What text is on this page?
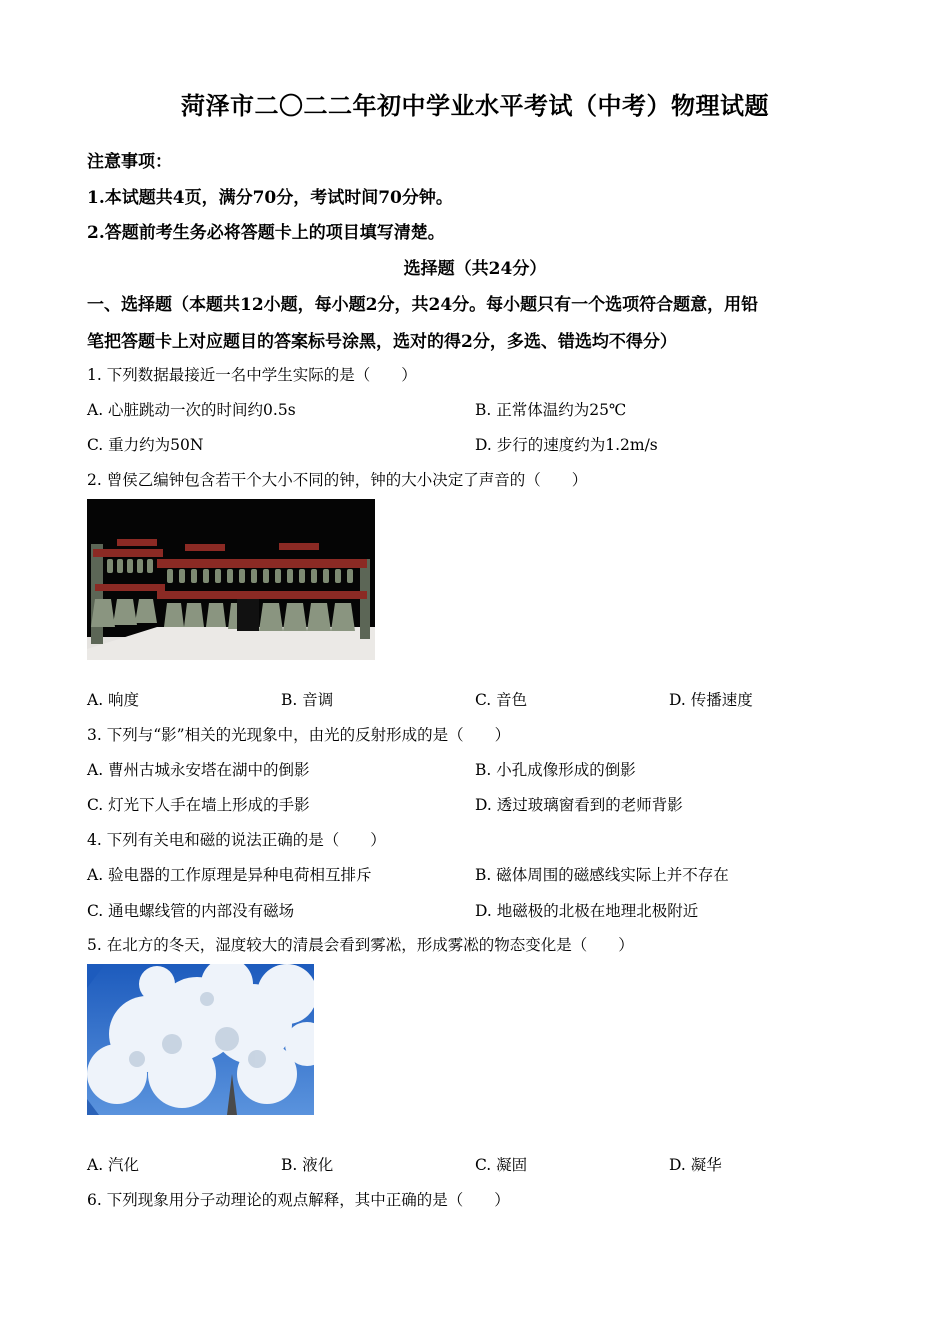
菏泽市二〇二二年初中学业水平考试（中考）物理试题
注意事项：
1.本试题共4页，满分70分，考试时间70分钟。
2.答题前考生务必将答题卡上的项目填写清楚。
选择题（共24分）
一、选择题（本题共12小题，每小题2分，共24分。每小题只有一个选项符合题意，用铅
笔把答题卡上对应题目的答案标号涂黑，选对的得2分，多选、错选均不得分）
1. 下列数据最接近一名中学生实际的是（　　）
A. 心脏跳动一次的时间约0.5s	B. 正常体温约为25℃
C. 重力约为50N	D. 步行的速度约为1.2m/s
2. 曾侯乙编钟包含若干个大小不同的钟，钟的大小决定了声音的（　　）
A. 响度	B. 音调	C. 音色	D. 传播速度
3. 下列与“影”相关的光现象中，由光的反射形成的是（　　）
A. 曹州古城永安塔在湖中的倒影	B. 小孔成像形成的倒影
C. 灯光下人手在墙上形成的手影	D. 透过玻璃窗看到的老师背影
4. 下列有关电和磁的说法正确的是（　　）
A. 验电器的工作原理是异种电荷相互排斥	B. 磁体周围的磁感线实际上并不存在
C. 通电螺线管的内部没有磁场	D. 地磁极的北极在地理北极附近
5. 在北方的冬天，湿度较大的清晨会看到雾凇，形成雾凇的物态变化是（　　）
A. 汽化	B. 液化	C. 凝固	D. 凝华
6. 下列现象用分子动理论的观点解释，其中正确的是（　　）
